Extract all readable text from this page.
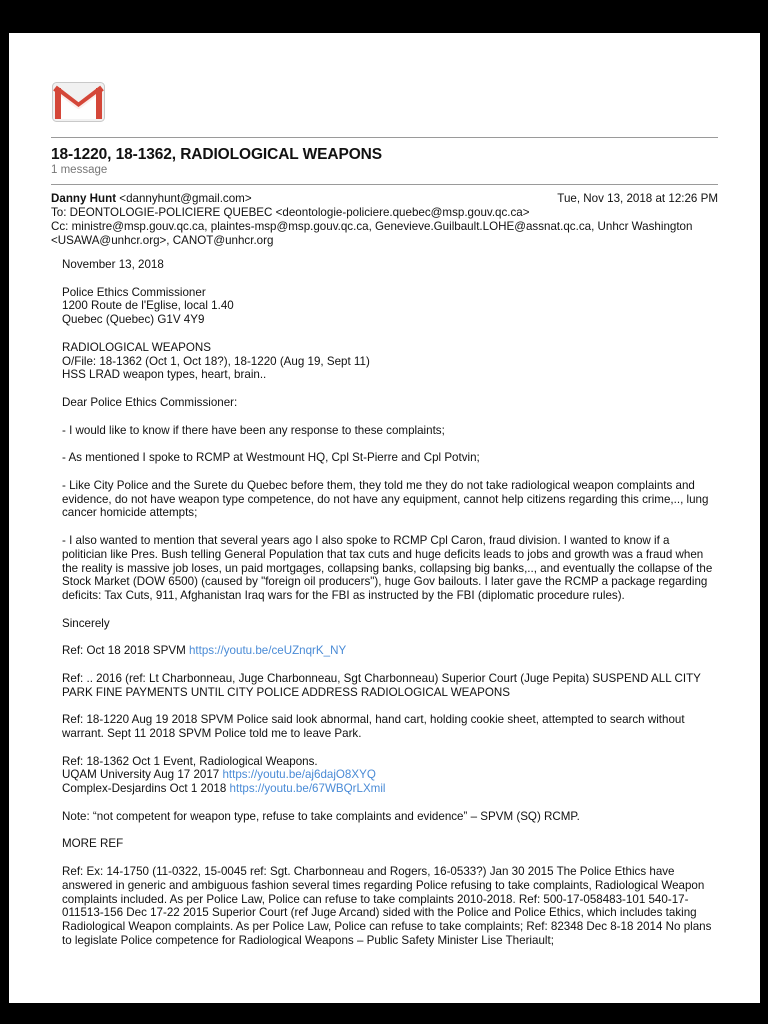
18-1220, 18-1362, RADIOLOGICAL WEAPONS
1 message
Danny Hunt <dannyhunt@gmail.com>	Tue, Nov 13, 2018 at 12:26 PM
To: DEONTOLOGIE-POLICIERE QUEBEC <deontologie-policiere.quebec@msp.gouv.qc.ca>
Cc: ministre@msp.gouv.qc.ca, plaintes-msp@msp.gouv.qc.ca, Genevieve.Guilbault.LOHE@assnat.qc.ca, Unhcr Washington <USAWA@unhcr.org>, CANOT@unhcr.org

November 13, 2018

Police Ethics Commissioner
1200 Route de l'Eglise, local 1.40
Quebec (Quebec) G1V 4Y9

RADIOLOGICAL WEAPONS
O/File: 18-1362 (Oct 1, Oct 18?), 18-1220 (Aug 19, Sept 11)
HSS LRAD weapon types, heart, brain..

Dear Police Ethics Commissioner:

- I would like to know if there have been any response to these complaints;

- As mentioned I spoke to RCMP at Westmount HQ, Cpl St-Pierre and Cpl Potvin;

- Like City Police and the Surete du Quebec before them, they told me they do not take radiological weapon complaints and evidence, do not have weapon type competence, do not have any equipment, cannot help citizens regarding this crime,.., lung cancer homicide attempts;

- I also wanted to mention that several years ago I also spoke to RCMP Cpl Caron, fraud division. I wanted to know if a politician like Pres. Bush telling General Population that tax cuts and huge deficits leads to jobs and growth was a fraud when the reality is massive job loses, un paid mortgages, collapsing banks, collapsing big banks,.., and eventually the collapse of the Stock Market (DOW 6500) (caused by "foreign oil producers"), huge Gov bailouts. I later gave the RCMP a package regarding deficits: Tax Cuts, 911, Afghanistan Iraq wars for the FBI as instructed by the FBI (diplomatic procedure rules).

Sincerely

Ref: Oct 18 2018 SPVM https://youtu.be/ceUZnqrK_NY

Ref: .. 2016 (ref: Lt Charbonneau, Juge Charbonneau, Sgt Charbonneau) Superior Court (Juge Pepita) SUSPEND ALL CITY PARK FINE PAYMENTS UNTIL CITY POLICE ADDRESS RADIOLOGICAL WEAPONS

Ref: 18-1220 Aug 19 2018 SPVM Police said look abnormal, hand cart, holding cookie sheet, attempted to search without warrant. Sept 11 2018 SPVM Police told me to leave Park.

Ref: 18-1362 Oct 1 Event, Radiological Weapons.
UQAM University Aug 17 2017 https://youtu.be/aj6dajO8XYQ
Complex-Desjardins Oct 1 2018 https://youtu.be/67WBQrLXmil

Note: “not competent for weapon type, refuse to take complaints and evidence” – SPVM (SQ) RCMP.

MORE REF

Ref: Ex: 14-1750 (11-0322, 15-0045 ref: Sgt. Charbonneau and Rogers, 16-0533?) Jan 30 2015 The Police Ethics have answered in generic and ambiguous fashion several times regarding Police refusing to take complaints, Radiological Weapon complaints included. As per Police Law, Police can refuse to take complaints 2010-2018. Ref: 500-17-058483-101 540-17-011513-156 Dec 17-22 2015 Superior Court (ref Juge Arcand) sided with the Police and Police Ethics, which includes taking Radiological Weapon complaints. As per Police Law, Police can refuse to take complaints; Ref: 82348 Dec 8-18 2014 No plans to legislate Police competence for Radiological Weapons – Public Safety Minister Lise Theriault;
